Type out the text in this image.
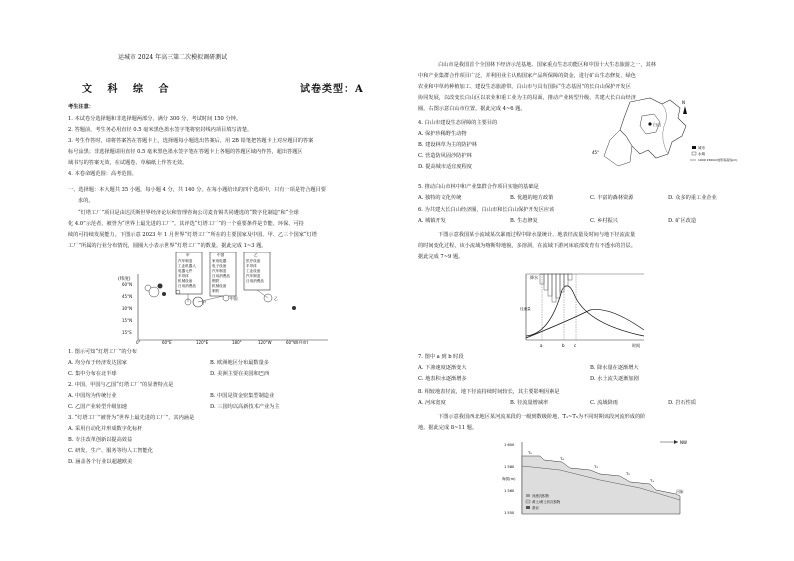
运城市 2024 年高三第二次模拟调研测试
文 科 综 合	试卷类型：A
考生注意：
1. 本试卷分选择题和非选择题两部分，满分 300 分，考试时间 150 分钟。
2. 答题前，考生务必用直径 0.5 毫米黑色墨水签字笔将密封线内项目填写清楚。
3. 考生作答时，请将答案答在答题卡上，选择题每小题选出答案后，用 2B 铅笔把答题卡上对应题目的答案
标号涂黑；非选择题请用直径 0.5 毫米黑色墨水签字笔在答题卡上各题的答题区域内作答，超出答题区
域书写的答案无效，在试题卷、草稿纸上作答无效。
4. 本卷命题范围：高考范围。
一、选择题：本大题共 35 小题，每小题 4 分，共 140 分。在每小题给出的四个选项中，只有一项是符合题目要
求的。
“灯塔工厂”项目是由达沃斯世界经济论坛和管理咨询公司麦肯锡共同遴选的“数字化制造”和“全球
化 4.0”示范者，被誉为“世界上最先进的工厂”。其评选“灯塔工厂”的一个重要条件是节能、环保、可持
续的可持续发展能力。下图示意 2023 年 1 月世界“灯塔工厂”所在的主要国家及中国、甲、乙三个国家“灯塔
工厂”所属的行业分布情况，圆圈大小表示世界“灯塔工厂”的数量。据此完成 1~3 题。
(纬度)
60°N
45°N
30°N
15°N
15°S
0°	60°E	120°E	180°	120°W	60°W(经度)
甲	中国	乙
汽车制造
工业机器人
电器元件
半导体
机械设备
日用消费品
家用电器
电子设备
汽车制造
日用消费品
钢铁
机械设备
制药
医疗设备
半导体
工业设备
汽车制造
日用消费品
甲
中国	乙
1. 图示可知“灯塔工厂”的分布
A. 均分布于经济发达国家	B. 欧洲地区分布最数量多
C. 集中分布在北半球	D. 美洲主要在美国和巴西
2. 中国、甲国与乙国“灯塔工厂”的显著特点是
A. 中国均为传统行业	B. 中国是资金密集型制造业
C. 乙国产业转型升级加速	D. 三国均以高新技术产业为主
3. “灯塔工厂”被誉为“世界上最先进的工厂”，其内涵是
A. 采用自动化并形成数字化标杆
B. 专注改革创新以提高效益
C. 研发、生产、服务等均人工智能化
D. 涵盖各个行业以超越欧美
白山市是我国首个全国林下经济示范基地、国家重点生态功能区和中国十大生态旅游之一，其林
中和产业集群合作项目广泛，并利用业主认购国家产品所保障的资金，进行矿山生态修复、绿色
农业和中草药种植加工、建设生态旅游带。白山市与具有国际“生态基因”的长白山保护开发区
协同发展，以改变长白山区以农业和重工业为主的局面，推动产业转型升级，共建大长白山经济
圈。右图示意白山市位置。据此完成 4~6 题。
4. 白山市建设生态屏障的主要目的
A. 保护珍稀野生动物
B. 建设林草为主的防护林
C. 营造防风固沙防护林
D. 提高城市适宜度程度
白山
N
45°
城市
水域
1000 1500m地形等高线(m)
5. 推动白山市林中和产业集群合作项目实施的基础是
A. 独特的文化传统	B. 优越的地方政策	C. 丰富的森林资源	D. 众多的重工业企业
6. 为共建大长白山经济圈，白山市和长白山保护开发区应该
A. 城镇开发	B. 生态修复	C. 乡村振兴	D. 矿区改造
下图示意我国某小流域某次暴雨过程中降水量统计、地表径流量及时间与地下径流流量
的时间变化过程，该小流域为喀斯特地貌，多溶洞，在流域下游河床底部发育有不透水的岩层。
据此完成 7~9 题。
降水
径流量
时间
a	b c
7. 图中 a 到 b 时段
A. 下渗速度逐渐变大	B. 降水量在逐渐增大
C. 地表积水逐渐增多	D. 水土流失逐渐加剧
8. 相较地表径流，地下径流持续时间较长，其主要影响因素是
A. 河床宽度	B. 径流量增减率	C. 流域降雨	D. 岩石性质
下图示意我国西北地区某河流某段的一级到数级阶地，T₁~T₅为不同时期该段河流形成的阶
地。据此完成 8~11 题。
1 600
1 580
1 560
1 550
海拔(m)
NW
T₅
T₄
T₃
T₂
T₁
河床
河流沉积物
黄土/黄土状沉积物
基岩
